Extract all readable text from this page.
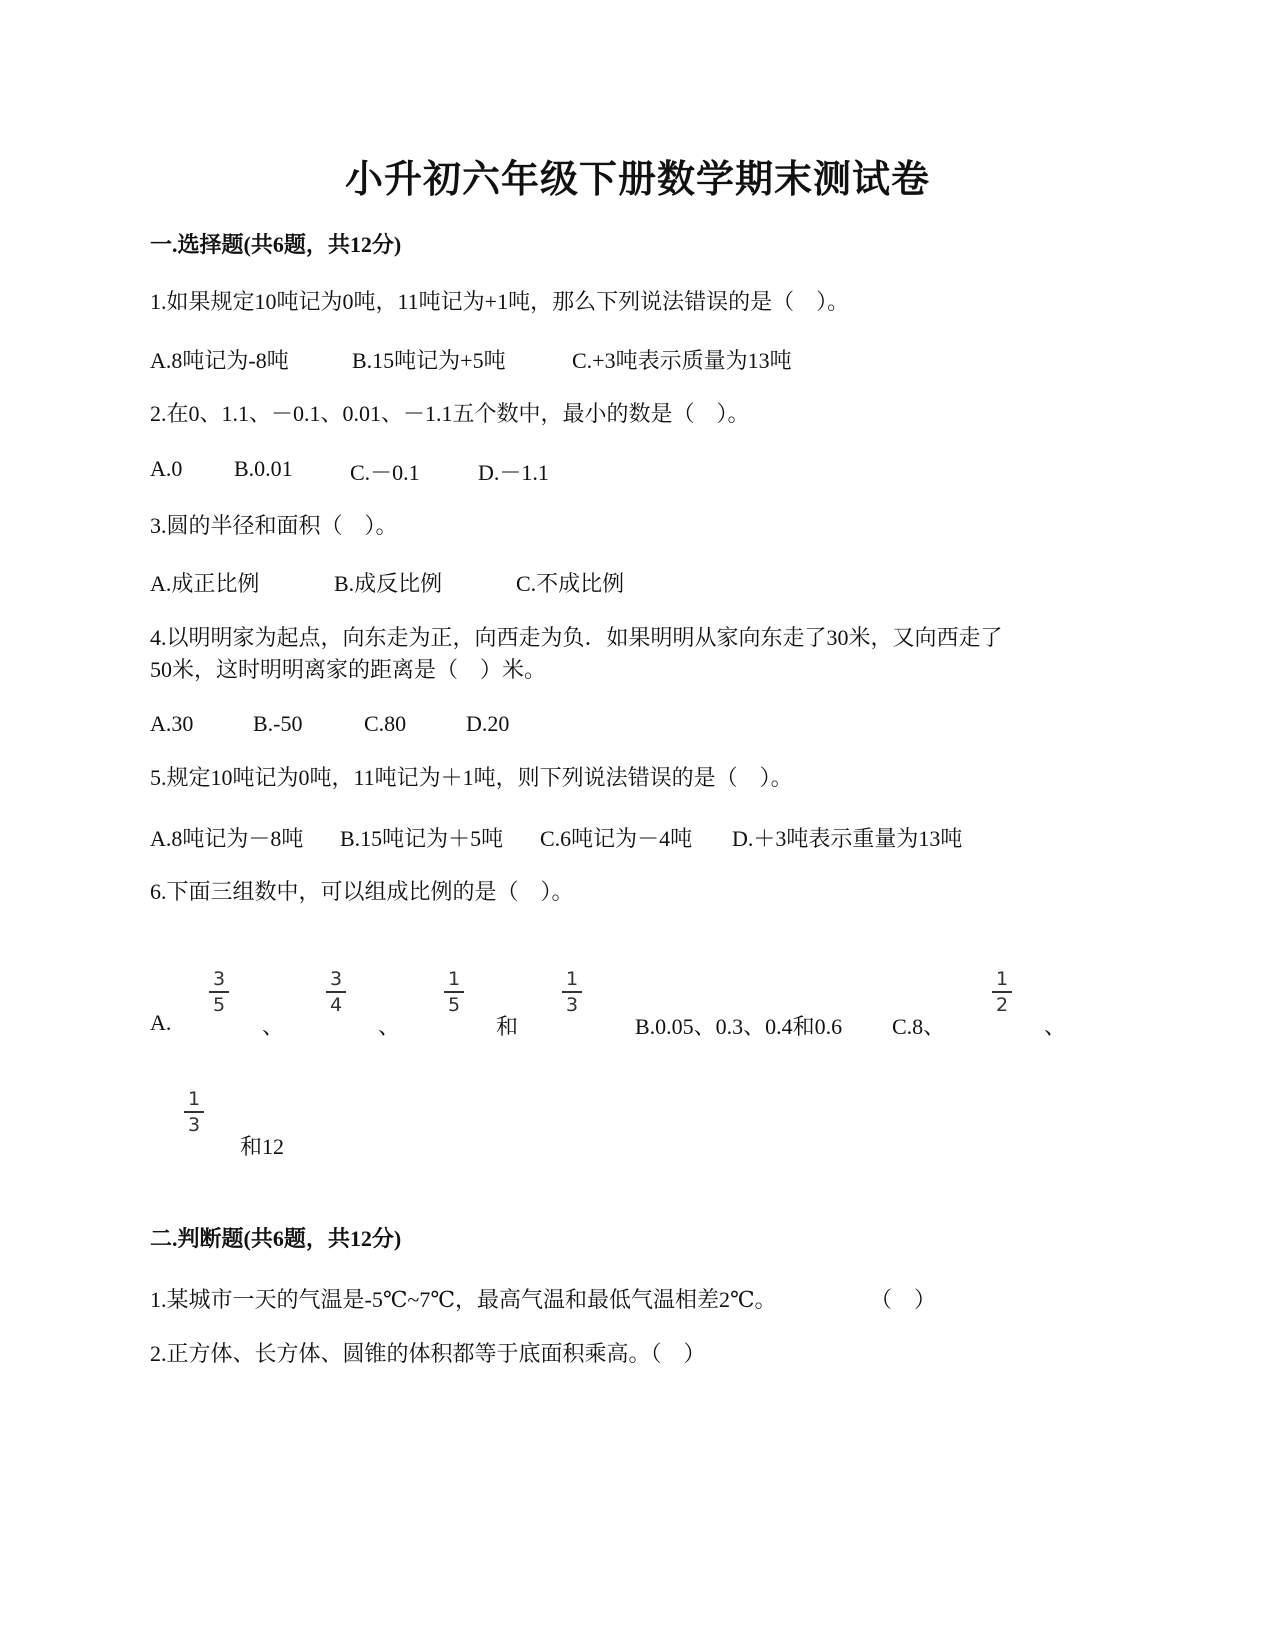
小升初六年级下册数学期末测试卷
一.选择题(共6题，共12分)
1.如果规定10吨记为0吨，11吨记为+1吨，那么下列说法错误的是（　）。
A.8吨记为-8吨	B.15吨记为+5吨	C.+3吨表示质量为13吨
2.在0、1.1、－0.1、0.01、－1.1五个数中，最小的数是（　）。
A.0 B.0.01	C.－0.1	D.－1.1
3.圆的半径和面积（　）。
A.成正比例	B.成反比例	C.不成比例
4.以明明家为起点，向东走为正，向西走为负．如果明明从家向东走了30米，又向西走了
50米，这时明明离家的距离是（　）米。
A.30	B.-50	C.80	D.20
5.规定10吨记为0吨，11吨记为＋1吨，则下列说法错误的是（　）。
A.8吨记为－8吨 B.15吨记为＋5吨 C.6吨记为－4吨 D.＋3吨表示重量为13吨
6.下面三组数中，可以组成比例的是（　）。
A.
3
5
、
3
4
、
1
5
和
1
3
B.0.05、0.3、0.4和0.6 C.8、
1
2
、
1
3
和12
二.判断题(共6题，共12分)
1.某城市一天的气温是-5℃~7℃，最高气温和最低气温相差2℃。	（　）
2.正方体、长方体、圆锥的体积都等于底面积乘高。（　）
